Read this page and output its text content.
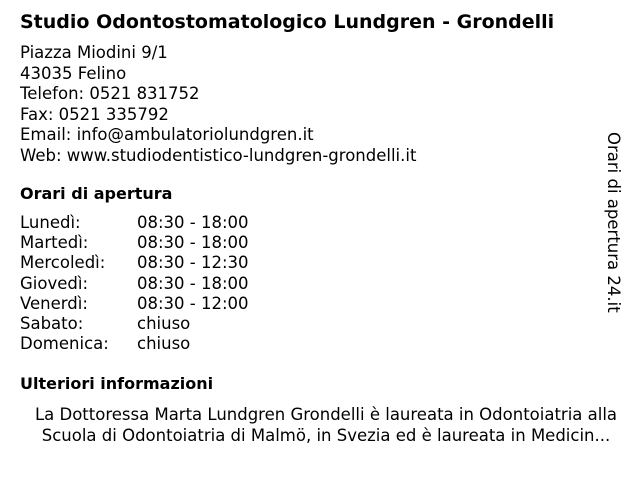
Studio Odontostomatologico Lundgren - Grondelli
Piazza Miodini 9/1
43035 Felino
Telefon: 0521 831752
Fax: 0521 335792
Email: info@ambulatoriolundgren.it
Web: www.studiodentistico-lundgren-grondelli.it
Orari di apertura
Lunedì:	08:30 - 18:00
Martedì:	08:30 - 18:00
Mercoledì: 08:30 - 12:30
Giovedì:	08:30 - 18:00
Venerdì:	08:30 - 12:00
Sabato:	chiuso
Domenica: chiuso
Ulteriori informazioni
La Dottoressa Marta Lundgren Grondelli è laureata in Odontoiatria alla
Scuola di Odontoiatria di Malmö, in Svezia ed è laureata in Medicin...
Orari di apertura 24.it
